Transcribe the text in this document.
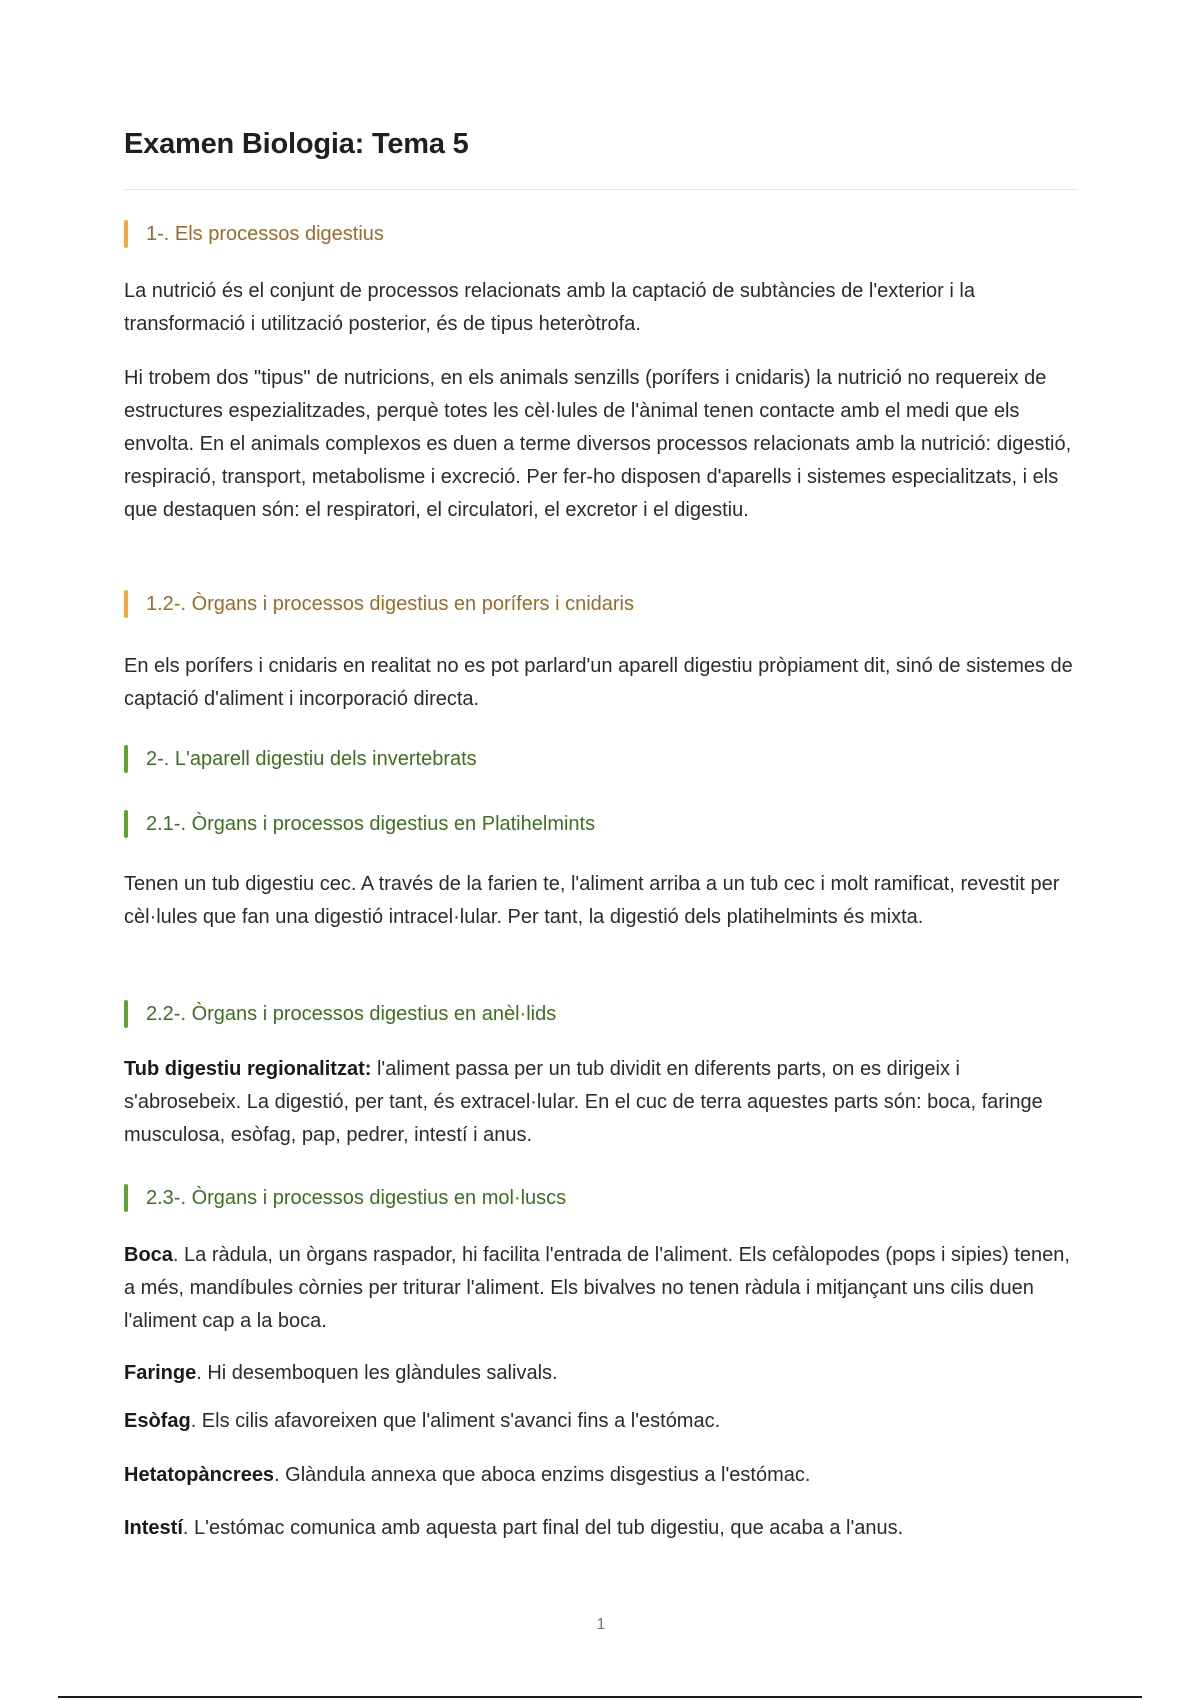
Examen Biologia: Tema 5
1-. Els processos digestius

La nutrició és el conjunt de processos relacionats amb la captació de subtàncies de l'exterior i la transformació i utilització posterior, és de tipus heteròtrofa.

Hi trobem dos "tipus" de nutricions, en els animals senzills (porífers i cnidaris) la nutrició no requereix de estructures espezialitzades, perquè totes les cèl·lules de l'ànimal tenen contacte amb el medi que els envolta. En el animals complexos es duen a terme diversos processos relacionats amb la nutrició: digestió, respiració, transport, metabolisme i excreció. Per fer-ho disposen d'aparells i sistemes especialitzats, i els que destaquen són: el respiratori, el circulatori, el excretor i el digestiu.

1.2-. Òrgans i processos digestius en porífers i cnidaris

En els porífers i cnidaris en realitat no es pot parlard'un aparell digestiu pròpiament dit, sinó de sistemes de captació d'aliment i incorporació directa.

2-. L'aparell digestiu dels invertebrats
2.1-. Òrgans i processos digestius en Platihelmints

Tenen un tub digestiu cec. A través de la farien te, l'aliment arriba a un tub cec i molt ramificat, revestit per cèl·lules que fan una digestió intracel·lular. Per tant, la digestió dels platihelmints és mixta.

2.2-. Òrgans i processos digestius en anèl·lids

Tub digestiu regionalitzat: l'aliment passa per un tub dividit en diferents parts, on es dirigeix i s'abrosebeix. La digestió, per tant, és extracel·lular. En el cuc de terra aquestes parts són: boca, faringe musculosa, esòfag, pap, pedrer, intestí i anus.

2.3-. Òrgans i processos digestius en mol·luscs

Boca. La ràdula, un òrgans raspador, hi facilita l'entrada de l'aliment. Els cefàlopodes (pops i sipies) tenen, a més, mandíbules còrnies per triturar l'aliment. Els bivalves no tenen ràdula i mitjançant uns cilis duen l'aliment cap a la boca.

Faringe. Hi desemboquen les glàndules salivals.

Esòfag. Els cilis afavoreixen que l'aliment s'avanci fins a l'estómac.

Hetatopàncrees. Glàndula annexa que aboca enzims disgestius a l'estómac.

Intestí. L'estómac comunica amb aquesta part final del tub digestiu, que acaba a l'anus.

1
